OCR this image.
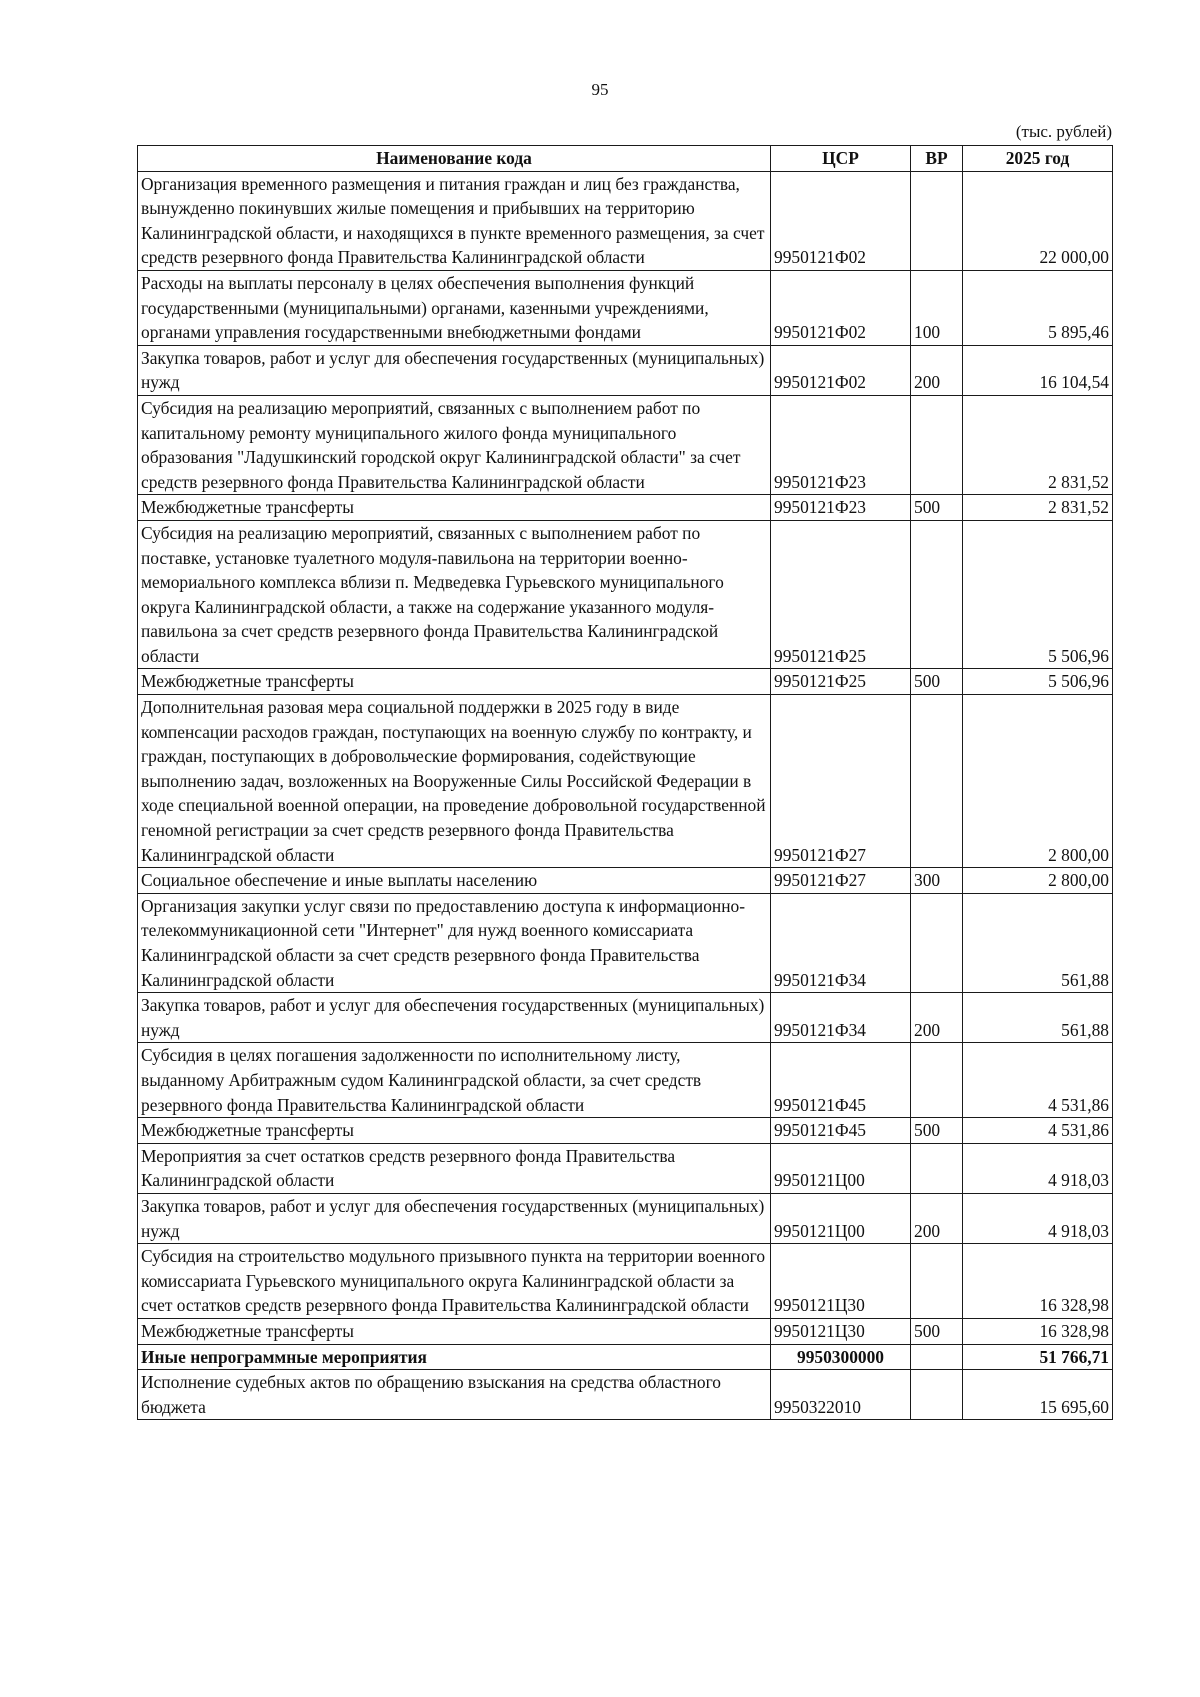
95
(тыс. рублей)
Наименование кода	ЦСР	ВР	2025 год
Организация временного размещения и питания граждан и лиц без гражданства, вынужденно покинувших жилые помещения и прибывших на территорию Калининградской области, и находящихся в пункте временного размещения, за счет средств резервного фонда Правительства Калининградской области	9950121Ф02		22 000,00
Расходы на выплаты персоналу в целях обеспечения выполнения функций государственными (муниципальными) органами, казенными учреждениями, органами управления государственными внебюджетными фондами	9950121Ф02	100	5 895,46
Закупка товаров, работ и услуг для обеспечения государственных (муниципальных) нужд	9950121Ф02	200	16 104,54
Субсидия на реализацию мероприятий, связанных с выполнением работ по капитальному ремонту муниципального жилого фонда муниципального образования "Ладушкинский городской округ Калининградской области" за счет средств резервного фонда Правительства Калининградской области	9950121Ф23		2 831,52
Межбюджетные трансферты	9950121Ф23	500	2 831,52
Субсидия на реализацию мероприятий, связанных с выполнением работ по поставке, установке туалетного модуля-павильона на территории военно-мемориального комплекса вблизи п. Медведевка Гурьевского муниципального округа Калининградской области, а также на содержание указанного модуля-павильона за счет средств резервного фонда Правительства Калининградской области	9950121Ф25		5 506,96
Межбюджетные трансферты	9950121Ф25	500	5 506,96
Дополнительная разовая мера социальной поддержки в 2025 году в виде компенсации расходов граждан, поступающих на военную службу по контракту, и граждан, поступающих в добровольческие формирования, содействующие выполнению задач, возложенных на Вооруженные Силы Российской Федерации в ходе специальной военной операции, на проведение добровольной государственной геномной регистрации за счет средств резервного фонда Правительства Калининградской области	9950121Ф27		2 800,00
Социальное обеспечение и иные выплаты населению	9950121Ф27	300	2 800,00
Организация закупки услуг связи по предоставлению доступа к информационно-телекоммуникационной сети "Интернет" для нужд военного комиссариата Калининградской области за счет средств резервного фонда Правительства Калининградской области	9950121Ф34		561,88
Закупка товаров, работ и услуг для обеспечения государственных (муниципальных) нужд	9950121Ф34	200	561,88
Субсидия в целях погашения задолженности по исполнительному листу, выданному Арбитражным судом Калининградской области, за счет средств резервного фонда Правительства Калининградской области	9950121Ф45		4 531,86
Межбюджетные трансферты	9950121Ф45	500	4 531,86
Мероприятия за счет остатков средств резервного фонда Правительства Калининградской области	9950121Ц00		4 918,03
Закупка товаров, работ и услуг для обеспечения государственных (муниципальных) нужд	9950121Ц00	200	4 918,03
Субсидия на строительство модульного призывного пункта на территории военного комиссариата Гурьевского муниципального округа Калининградской области за счет остатков средств резервного фонда Правительства Калининградской области	9950121Ц30		16 328,98
Межбюджетные трансферты	9950121Ц30	500	16 328,98
Иные непрограммные мероприятия	9950300000		51 766,71
Исполнение судебных актов по обращению взыскания на средства областного бюджета	9950322010		15 695,60
